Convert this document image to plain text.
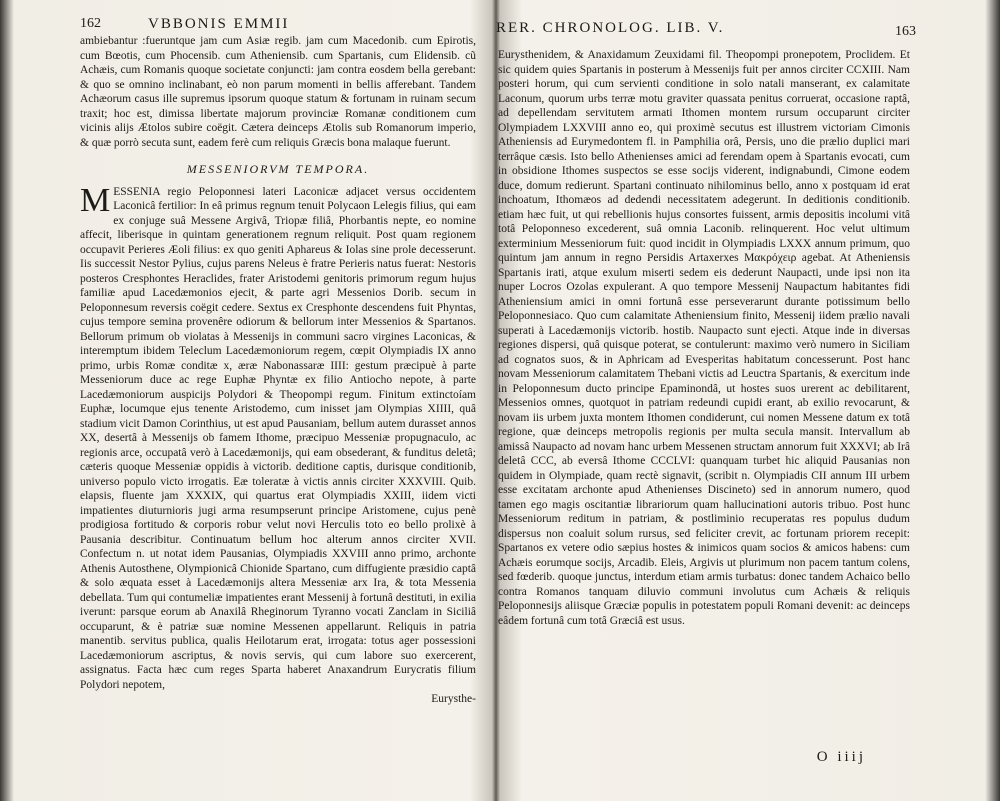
162	VBBONIS EMMII

ambiebantur :fueruntque jam cum Asiæ regib. jam cum Macedonib. cum Epirotis, cum Bœotis, cum Phocensib. cum Atheniensib. cum Spartanis, cum Elidensib. cũ Achæis, cum Romanis quoque societate conjuncti: jam contra eosdem bella gerebant: & quo se omnino inclinabant, eò non parum momenti in bellis afferebant. Tandem Achæorum casus ille supremus ipsorum quoque statum & fortunam in ruinam secum traxit; hoc est, dimissa libertate majorum provinciæ Romanæ conditionem cum vicinis alijs Ætolos subire coëgit. Cætera deinceps Ætolis sub Romanorum imperio, & quæ porrò secuta sunt, eadem ferè cum reliquis Græcis bona malaque fuerunt.

MESSENIORVM TEMPORA.

MESSENIA regio Peloponnesi lateri Laconicæ adjacet versus occidentem Laconicâ fertilior: In eâ primus regnum tenuit Polycaon Lelegis filius, qui eam ex conjuge suâ Messene Argivâ, Triopæ filiâ, Phorbantis nepte, eo nomine affecit, liberisque in quintam generationem regnum reliquit. Post quam regionem occupavit Perieres Æoli filius: ex quo geniti Aphareus & Iolas sine prole decesserunt. Iis successit Nestor Pylius, cujus parens Neleus è fratre Perieris natus fuerat: Nestoris posteros Cresphontes Heraclides, frater Aristodemi genitoris primorum regum hujus familiæ apud Lacedæmonios ejecit, & parte agri Messenios Dorib. secum in Peloponnesum reversis coëgit cedere. Sextus ex Cresphonte descendens fuit Phyntas, cujus tempore semina provenêre odiorum & bellorum inter Messenios & Spartanos. Bellorum primum ob violatas à Messenijs in communi sacro virgines Laconicas, & interemptum ibidem Teleclum Lacedæmoniorum regem, cœpit Olympiadis IX anno primo, urbis Romæ conditæ x, æræ Nabonassaræ IIII: gestum præcipuè à parte Messeniorum duce ac rege Euphæ Phyntæ ex filio Antiocho nepote, à parte Lacedæmoniorum auspicijs Polydori & Theopompi regum. Finitum extinctoíam Euphæ, locumque ejus tenente Aristodemo, cum inisset jam Olympias XIIII, quâ stadium vicit Damon Corinthius, ut est apud Pausaniam, bellum autem durasset annos XX, desertâ à Messenijs ob famem Ithome, præcipuo Messeniæ propugnaculo, ac regionis arce, occupatâ verò à Lacedæmonijs, qui eam obsederant, & funditus deletâ; cæteris quoque Messeniæ oppidis à victorib. deditione captis, durisque conditionib, universo populo victo irrogatis. Eæ toleratæ à victis annis circiter XXXVIII. Quib. elapsis, fluente jam XXXIX, qui quartus erat Olympiadis XXIII, iidem victi impatientes diuturnioris jugi arma resumpserunt principe Aristomene, cujus penè prodigiosa fortitudo & corporis robur velut novi Herculis toto eo bello prolixè à Pausania describitur. Continuatum bellum hoc alterum annos circiter XVII. Confectum n. ut notat idem Pausanias, Olympiadis XXVIII anno primo, archonte Athenis Autosthene, Olympionicâ Chionide Spartano, cum diffugiente præsidio captâ & solo æquata esset à Lacedæmonijs altera Messeniæ arx Ira, & tota Messenia debellata. Tum qui contumeliæ impatientes erant Messenij à fortunâ destituti, in exilia iverunt: parsque eorum ab Anaxilâ Rheginorum Tyranno vocati Zanclam in Siciliâ occuparunt, & è patriæ suæ nomine Messenen appellarunt. Reliquis in patria manentib. servitus publica, qualis Heilotarum erat, irrogata: totus ager possessioni Lacedæmoniorum ascriptus, & novis servis, qui cum labore suo exercerent, assignatus. Facta hæc cum reges Sparta haberet Anaxandrum Eurycratis filium Polydori nepotem,

Eurysthe-
RER. CHRONOLOG. LIB. V.	163

Eurysthenidem, & Anaxidamum Zeuxidami fil. Theopompi pronepotem, Proclidem. Et sic quidem quies Spartanis in posterum à Messenijs fuit per annos circiter CCXIII. Nam posteri horum, qui cum servienti conditione in solo natali manserant, ex calamitate Laconum, quorum urbs terræ motu graviter quassata penitus corruerat, occasione raptâ, ad depellendam servitutem armati Ithomen montem rursum occuparunt circiter Olympiadem LXXVIII anno eo, qui proximè secutus est illustrem victoriam Cimonis Atheniensis ad Eurymedontem fl. in Pamphilia orâ, Persis, uno die prælio duplici mari terrâque cæsis. Isto bello Athenienses amici ad ferendam opem à Spartanis evocati, cum in obsidione Ithomes suspectos se esse socijs viderent, indignabundi, Cimone eodem duce, domum redierunt. Spartani continuato nihilominus bello, anno x postquam id erat inchoatum, Ithomæos ad dedendi necessitatem adegerunt. In deditionis conditionib. etiam hæc fuit, ut qui rebellionis hujus consortes fuissent, armis depositis incolumi vitâ totâ Peloponneso excederent, suâ omnia Laconib. relinquerent. Hoc velut ultimum exterminium Messeniorum fuit: quod incidit in Olympiadis LXXX annum primum, quo quintum jam annum in regno Persidis Artaxerxes Μακρόχειρ agebat. At Atheniensis Spartanis irati, atque exulum miserti sedem eis dederunt Naupacti, unde ipsi non ita nuper Locros Ozolas expulerant. A quo tempore Messenij Naupactum habitantes fidi Atheniensium amici in omni fortunâ esse perseverarunt durante potissimum bello Peloponnesiaco. Quo cum calamitate Atheniensium finito, Messenij iidem prælio navali superati à Lacedæmonijs victorib. hostib. Naupacto sunt ejecti. Atque inde in diversas regiones dispersi, quâ quisque poterat, se contulerunt: maximo verò numero in Siciliam ad cognatos suos, & in Aphricam ad Evesperitas habitatum concesserunt. Post hanc novam Messeniorum calamitatem Thebani victis ad Leuctra Spartanis, & exercitum inde in Peloponnesum ducto principe Epaminondâ, ut hostes suos urerent ac debilitarent, Messenios omnes, quotquot in patriam redeundi cupidi erant, ab exilio revocarunt, & novam iis urbem juxta montem Ithomen condiderunt, cui nomen Messene datum ex totâ regione, quæ deinceps metropolis regionis per multa secula mansit. Intervallum ab amissâ Naupacto ad novam hanc urbem Messenen structam annorum fuit XXXVI; ab Irâ deletâ CCC, ab eversâ Ithome CCCLVI: quanquam turbet hic aliquid Pausanias non quidem in Olympiade, quam rectè signavit, (scribit n. Olympiadis CII annum III urbem esse excitatam archonte apud Athenienses Discineto) sed in annorum numero, quod tamen ego magis oscitantiæ librariorum quam hallucinationi autoris tribuo. Post hunc Messeniorum reditum in patriam, & postliminio recuperatas res populus dudum dispersus non coaluit solum rursus, sed feliciter crevit, ac fortunam priorem recepit: Spartanos ex vetere odio sæpius hostes & inimicos quam socios & amicos habens: cum Achæis eorumque socijs, Arcadib. Eleis, Argivis ut plurimum non pacem tantum colens, sed fœderib. quoque junctus, interdum etiam armis turbatus: donec tandem Achaico bello contra Romanos tanquam diluvio communi involutus cum Achæis & reliquis Peloponnesijs aliisque Græciæ populis in potestatem populi Romani devenit: ac deinceps eâdem fortunâ cum totâ Græciâ est usus.

O iiij
